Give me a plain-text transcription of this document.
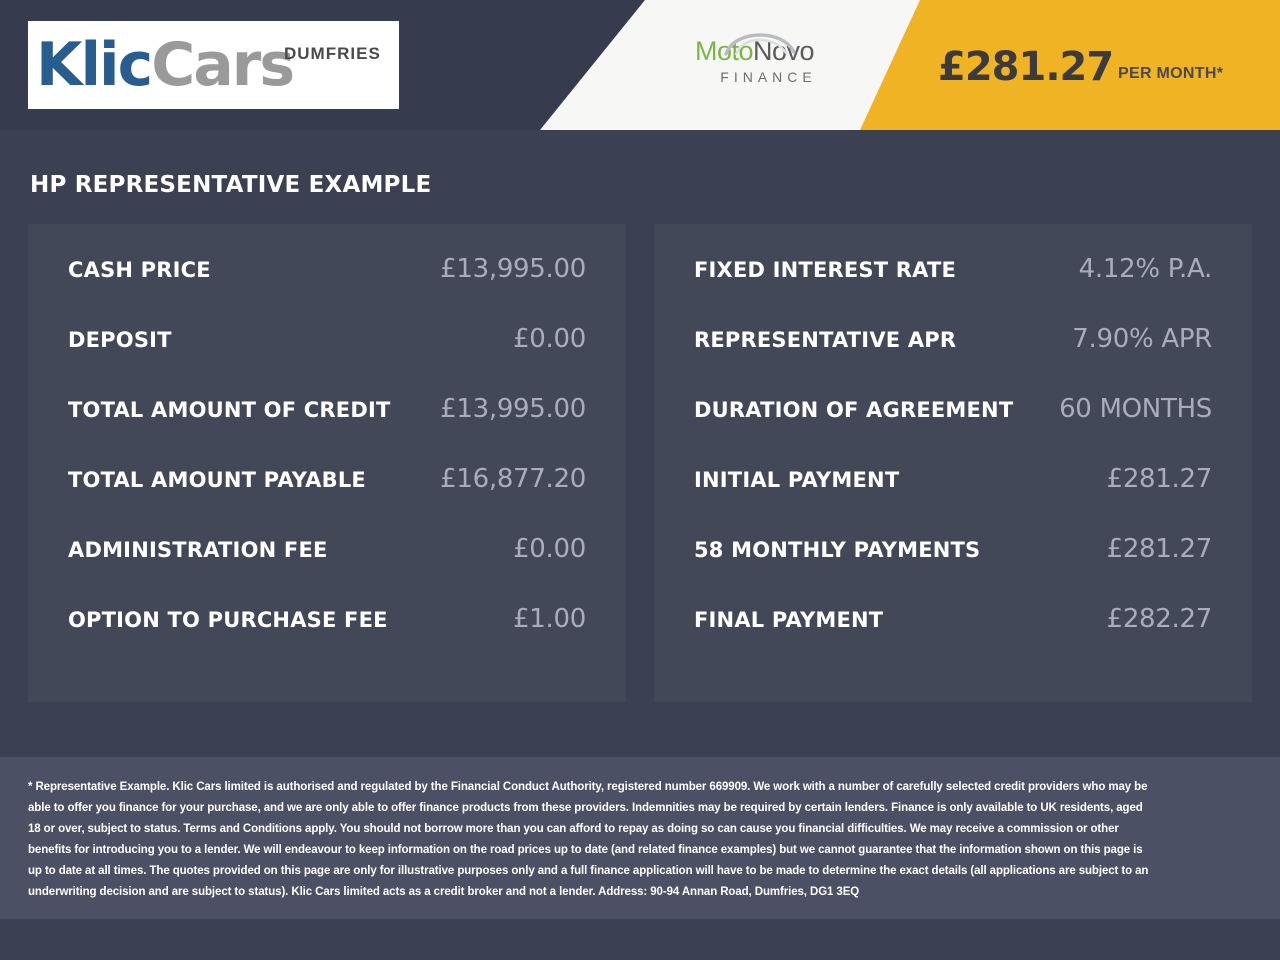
KlicCars
DUMFRIES	MotoNovo
FINANCE	£281.27 PER MONTH*
HP REPRESENTATIVE EXAMPLE
CASH PRICE	£13,995.00
DEPOSIT	£0.00
TOTAL AMOUNT OF CREDIT £13,995.00
TOTAL AMOUNT PAYABLE	£16,877.20
ADMINISTRATION FEE	£0.00
OPTION TO PURCHASE FEE	£1.00
FIXED INTEREST RATE	4.12% P.A.
REPRESENTATIVE APR	7.90% APR
DURATION OF AGREEMENT 60 MONTHS
INITIAL PAYMENT	£281.27
58 MONTHLY PAYMENTS	£281.27
FINAL PAYMENT	£282.27

* Representative Example. Klic Cars limited is authorised and regulated by the Financial Conduct Authority, registered number 669909. We work with a number of carefully selected credit providers who may be able to offer you finance for your purchase, and we are only able to offer finance products from these providers. Indemnities may be required by certain lenders. Finance is only available to UK residents, aged 18 or over, subject to status. Terms and Conditions apply. You should not borrow more than you can afford to repay as doing so can cause you financial difficulties. We may receive a commission or other benefits for introducing you to a lender. We will endeavour to keep information on the road prices up to date (and related finance examples) but we cannot guarantee that the information shown on this page is up to date at all times. The quotes provided on this page are only for illustrative purposes only and a full finance application will have to be made to determine the exact details (all applications are subject to an underwriting decision and are subject to status). Klic Cars limited acts as a credit broker and not a lender. Address: 90-94 Annan Road, Dumfries, DG1 3EQ
